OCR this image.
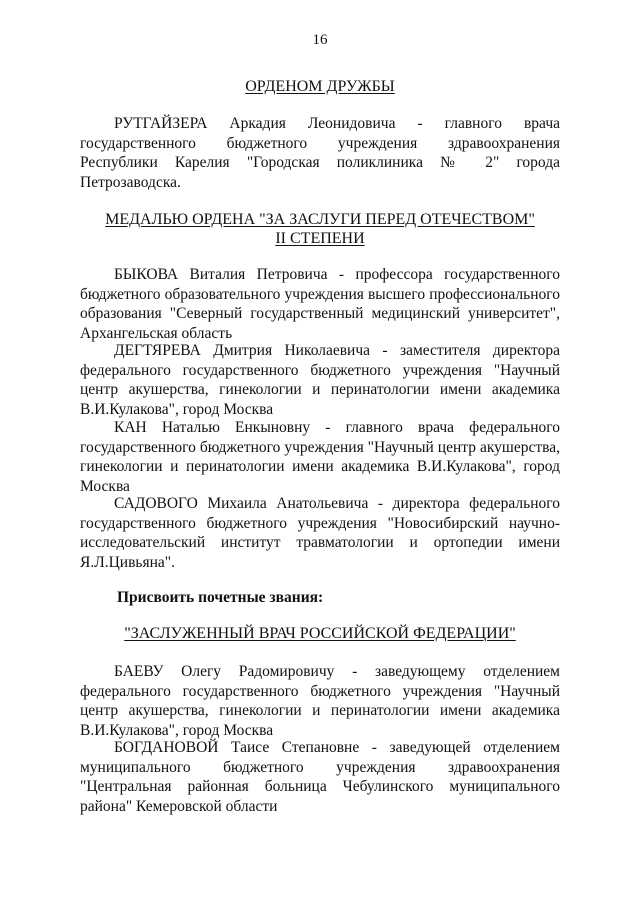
16
ОРДЕНОМ ДРУЖБЫ
РУТГАЙЗЕРА Аркадия Леонидовича - главного врача государственного бюджетного учреждения здравоохранения Республики Карелия "Городская поликлиника № 2" города Петрозаводска.
МЕДАЛЬЮ ОРДЕНА "ЗА ЗАСЛУГИ ПЕРЕД ОТЕЧЕСТВОМ"
II СТЕПЕНИ
БЫКОВА Виталия Петровича - профессора государственного бюджетного образовательного учреждения высшего профессионального образования "Северный государственный медицинский университет", Архангельская область
ДЕГТЯРЕВА Дмитрия Николаевича - заместителя директора федерального государственного бюджетного учреждения "Научный центр акушерства, гинекологии и перинатологии имени академика В.И.Кулакова", город Москва
КАН Наталью Енкыновну - главного врача федерального государственного бюджетного учреждения "Научный центр акушерства, гинекологии и перинатологии имени академика В.И.Кулакова", город Москва
САДОВОГО Михаила Анатольевича - директора федерального государственного бюджетного учреждения "Новосибирский научно-исследовательский институт травматологии и ортопедии имени Я.Л.Цивьяна".
Присвоить почетные звания:
"ЗАСЛУЖЕННЫЙ ВРАЧ РОССИЙСКОЙ ФЕДЕРАЦИИ"
БАЕВУ Олегу Радомировичу - заведующему отделением федерального государственного бюджетного учреждения "Научный центр акушерства, гинекологии и перинатологии имени академика В.И.Кулакова", город Москва
БОГДАНОВОЙ Таисе Степановне - заведующей отделением муниципального бюджетного учреждения здравоохранения "Центральная районная больница Чебулинского муниципального района" Кемеровской области
